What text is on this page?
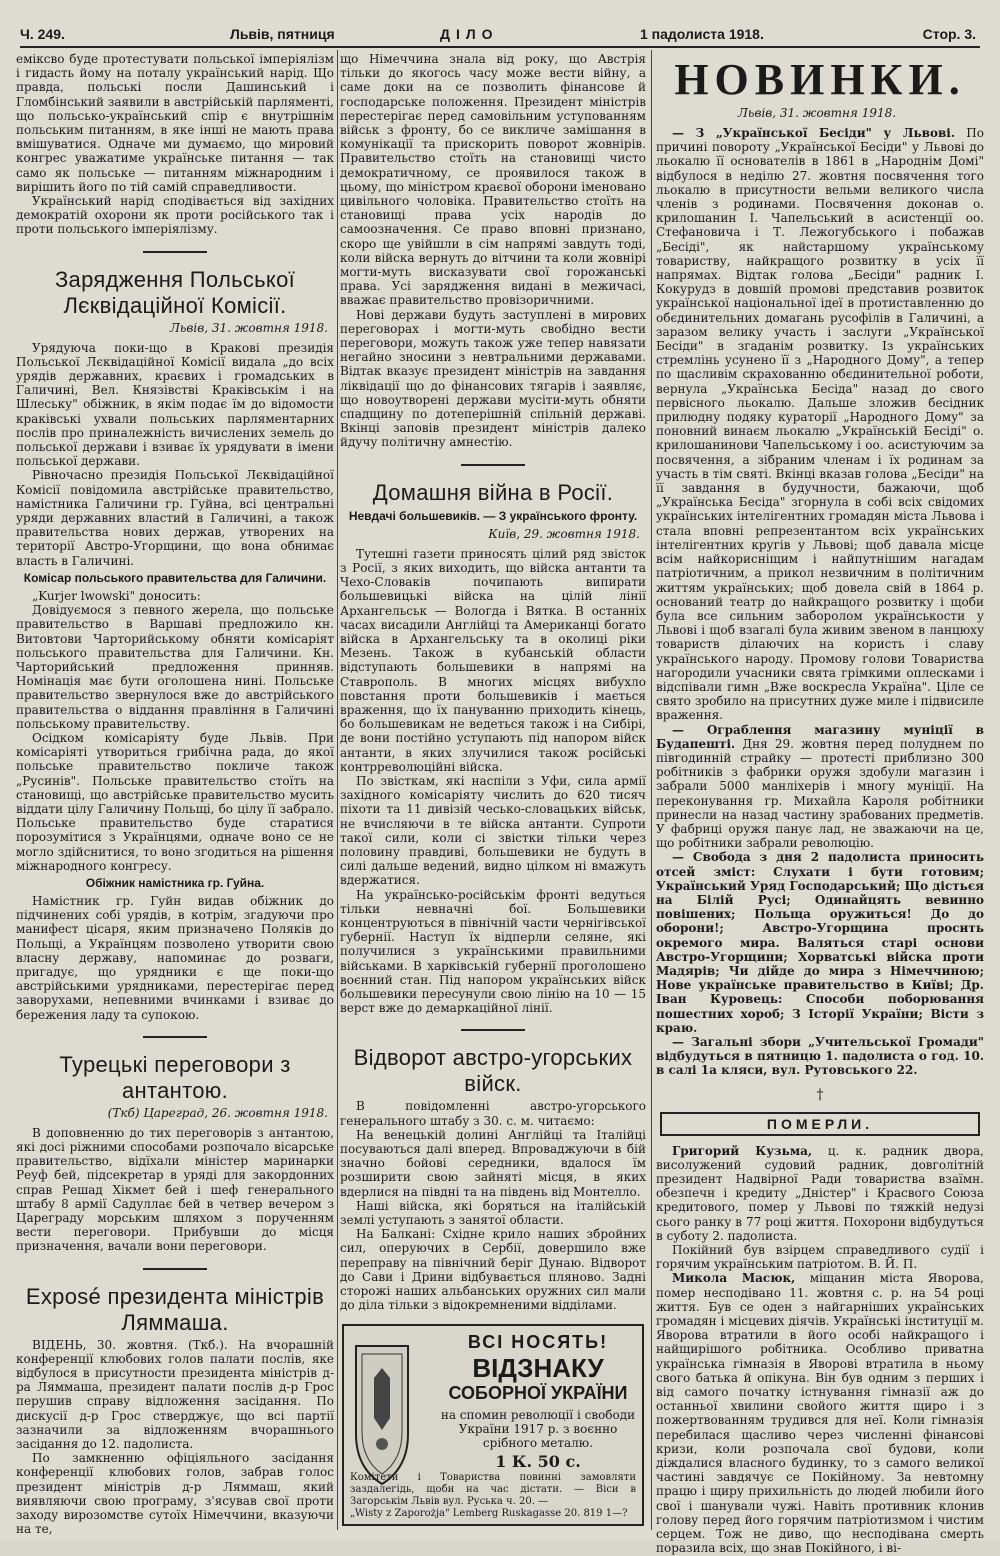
Ч. 249.	Львів, пятниця	ДІЛО	1 падолиста 1918.	Стор. 3.

еміксво буде протестувати польської імперіялізм і гидасть йому на поталу український нарід. Що правда, польські посли Дашинський і Гломбінський заявили в австрійській парляменті, що польсько-український спір є внутрішнім польським питанням, в яке інші не мають права вмішуватися. Одначе ми думаємо, що мировий конгрес уважатиме українське питання — так само як польське — питанням міжнародним і вирішить його по тій самій справедливости.

Український нарід сподівається від західних демократій охорони як проти російського так і проти польського імперіялізму.

Зарядження Польської Лєквідаційної Комісії.
Львів, 31. жовтня 1918.

Урядуюча поки-що в Кракові президія Польської Лєквідаційної Комісії видала „до всіх урядів державних, краєвих і громадських в Галичині, Вел. Князівстві Краківськім і на Шлеську" обіжник, в якім подає їм до відомости краківські ухвали польських парляментарних послів про приналежність вичислених земель до польської держави і взиває їх урядувати в імени польської держави.

Рівночасно президія Польської Лєквідаційної Комісії повідомила австрійське правительство, намістника Галичини гр. Гуйна, всі центральні уряди державних властий в Галичині, а також правительства нових держав, утворених на території Австро-Угорщини, що вона обнимає власть в Галичині.

Комісар польського правительства для Галичини.

„Kurjer lwowski" доносить:

Довідуємося з певного жерела, що польське правительство в Варшаві предложило кн. Витовтови Чарторийському обняти комісаріят польського правительства для Галичини. Кн. Чарторийський предложення принняв. Номінація має бути оголошена нині. Польське правительство звернулося вже до австрійського правительства о віддання правління в Галичині польському правительству.

Осідком комісаріяту буде Львів. При комісаріяті утвориться грибічна рада, до якої польське правительство покличе також „Русинів". Польське правительство стоїть на становищі, що австрійське правительство мусить віддати цілу Галичину Польщі, бо цілу її забрало. Польське правительство буде старатися порозумітися з Українцями, одначе воно се не могло здійснитися, то воно згодиться на рішення міжнародного конгресу.

Обіжник намістника гр. Гуйна.

Намістник гр. Гуйн видав обіжник до підчинених собі урядів, в котрім, згадуючи про манифест цісаря, яким призначено Поляків до Польщі, а Українцям позволено утворити свою власну державу, напоминає до розваги, пригадує, що урядники є ще поки-що австрійськими урядниками, перестерігає перед заворухами, непевними вчинками і взиває до бережения ладу та супокою.

Турецькі переговори з антантою.
(Ткб) Цареград, 26. жовтня 1918.

В доповненню до тих переговорів з антантою, які досі ріжними способами розпочало вісарське правительство, відїхали міністер маринарки Реуф бей, підсекретар в уряді для закордонних справ Решад Хікмет бей і шеф генерального штабу 8 армії Садуллає бей в четвер вечером з Цареграду морським шляхом з порученням вести переговори. Прибувши до місця призначення, вачали вони переговори.

Exposé президента міністрів Ляммаша.

ВІДЕНЬ, 30. жовтня. (Ткб.). На вчорашній конференції клюбових голов палати послів, яке відбулося в присутности президента міністрів д-ра Ляммаша, президент палати послів д-р Грос перушив справу відложення засідання. По дискусії д-р Грос стверджує, що всі партії зазначили за відложенням вчорашнього засідання до 12. падолиста.

По замкненню офіціяльного засідання конференції клюбових голов, забрав голос президент міністрів д-р Ляммаш, який виявляючи свою програму, з'ясував свої проти заходу вирозомстве сутоїх Німеччини, вказуючи на те,

що Німеччина знала від року, що Австрія тільки до якогось часу може вести війну, а саме доки на се позволить фінансове й господарське положення. Президент міністрів перестерігає перед самовільним уступованням військ з фронту, бо се викличе замішання в комунікації та прискорить поворот жовнірів. Правительство стоїть на становищі чисто демократичному, се проявилося також в цьому, що міністром краєвої оборони іменовано цивільного чоловіка. Правительство стоїть на становищі права усіх народів до самоозначення. Се право вповні признано, скоро ще увійшли в сім напрямі завдуть тоді, коли війска вернуть до вітчини та коли жовнірі могти-муть висказувати свої горожанські права. Усі зарядження видані в межичасі, вважає правительство провізоричними.

Нові держави будуть заступлені в мирових переговорах і могти-муть свобідно вести переговори, можуть також уже тепер навязати негайно зносини з невтральними державами. Відтак вказує президент міністрів на завдання ліквідації що до фінансових тягарів і заявляє, що новоутворені держави мусіти-муть обняти спадщину по дотеперішній спільній державі. Вкінці заповів президент міністрів далеко йдучу політичну амнестію.

Домашня війна в Росії.
Невдачі большевиків. — З українського фронту.
Київ, 29. жовтня 1918.

Тутешні газети приносять цілий ряд звісток з Росії, з яких виходить, що війска антанти та Чехо-Словаків почипають випирати большевицькі війска на цілій лінії Архангельськ — Вологда і Вятка. В останніх часах висадили Англійці та Американці богато війска в Архангельську та в околиці ріки Мезень. Також в кубанській области відступають большевики в напрямі на Ставрополь. В многих місцях вибухло повстання проти большевиків і мається враження, що їх пануванню приходить кінець, бо большевикам не ведеться також і на Сибірі, де вони постійно уступають під напором війск антанти, в яких злучилися також російські контрреволюційні війска.

По звісткам, які наспіли з Уфи, сила армії західного комісаріяту числить до 620 тисяч піхоти та 11 дивізій чесько-словацьких військ, не вчисляючи в те війска антанти. Супроти такої сили, коли сі звістки тільки через половину правдиві, большевики не будуть в силі дальше ведений, видно цілком ні вмажуть вдержатися.

На українсько-російськім фронті ведуться тільки невначні бої. Большевики концентруються в північній части чернігівської губернії. Наступ їх відперли селяне, які получилися з українськими правильними військами. В харківській губернії проголошено воєнний стан. Під напором українських війск большевики пересунули свою лінію на 10 — 15 верст вже до демаркаційної лінії.

Відворот австро-угорських війск.

В повідомленні австро-угорського генерального штабу з 30. с. м. читаємо:

На венецькій долині Англійці та Італійці посуваються далі вперед. Впроваджуючи в бій значно бойові середники, вдалося їм розширити свою зайняті місця, в яких вдерлися на півдні та на південь від Монтелло.

Наші війска, які боряться на італійській землі уступають з занятої области.

На Балкані: Східне крило наших збройних сил, оперуючих в Сербії, довершило вже переправу на північний беріг Дунаю. Відворот до Сави і Дрини відбувається пляново. Задні сторожі наших альбанських оружних сил мали до діла тільки з відокремненими відділами.

ВСІ НОСЯТЬ!
ВІДЗНАКУ
СОБОРНОЇ УКРАЇНИ
на спомин революції і свободи України 1917 р. з воєнно срібного металю.
1 К. 50 с.
Комітети і Товариства повинні замовляти заздалегідь, щоби на час дістати. — Віси в Загорськім Львів вул. Руська ч. 20. —
„Wisty z Zaporożja" Lemberg Ruskagasse 20. 819 1—?
НОВИНКИ.
Львів, 31. жовтня 1918.

— З „Української Бесіди" у Львові. По причині повороту „Української Бесіди" у Львові до льокалю її основателів в 1861 в „Народнім Домі" відбулося в неділю 27. жовтня посвячення того льокалю в присутности вельми великого числа членів з родинами. Посвячення доконав о. крилошанин І. Чапельський в асистенції оо. Стефановича і Т. Лежогубського і побажав „Бесіді", як найстаршому українському товариству, найкращого розвитку в усіх її напрямах. Відтак голова „Бесіди" радник І. Кокурудз в довшій промові представив розвиток української національної ідеї в протиставленню до обєдинительних домагань русофілів в Галичині, а заразом велику участь і заслуги „Української Бесіди" в згаданім розвитку. Із українських стремлінь усунено її з „Народного Дому", а тепер по щасливім скрахованню обєдинительної роботи, вернула „Українська Бесіда" назад до свого первісного льокалю. Дальше зложив бесідник прилюдну подяку кураторії „Народного Дому" за поновний винаєм льокалю „Українській Бесіді" о. крилошанинови Чапельському і оо. асистуючим за посвячення, а зібраним членам і їх родинам за участь в тім святі. Вкінці вказав голова „Бесіди" на її завдання в будучности, бажаючи, щоб „Українська Бесіда" згорнула в собі всіх свідомих українських інтелігентних громадян міста Львова і стала вповні репрезентантом всіх українських інтелігентних кругів у Львові; щоб давала місце всім найкорисніщим і найпутнішим нагадам патріотичним, а прикол незвичним в політичним життям українських; щоб довела свій в 1864 р. оснований театр до найкращого розвитку і щоби була все сильним заборолом українськости у Львові і щоб взагалі була живим звеном в ланцюху товариств ділаючих на користь і славу українського народу. Промову голови Товариства нагородили учасники свята грімкими оплесками і відспівали гимн „Вже воскресла Україна". Ціле се свято зробило на присутних дуже миле і підвисиле враження.

— Ограблення магазину муніції в Будапешті. Дня 29. жовтня перед полуднем по півгодинній страйку — протесті приблизно 300 робітників з фабрики оружя здобули магазин і забрали 5000 манліхерів і многу муніції. На переконування гр. Михайла Кароля робітники принесли на назад частину зрабованих предметів. У фабриці оружя панує лад, не зважаючи на це, що робітники забрали революцію.

— Свобода з дня 2 падолиста приносить отсей зміст: Слухати і бути готовим; Український Уряд Господарський; Що дістьєя на Білій Русі; Одинайцять вевинно повішених; Польща оружиться! До до оборони!; Австро-Угорщина просить окремого мира. Валяться старі основи Австро-Угорщини; Хорватські війска проти Мадярів; Чи дійде до мира з Німеччиною; Нове українське правительство в Київі; Др. Іван Куровець: Способи поборювання пошестних хороб; З Історії України; Вісти з краю.

— Загальні збори „Учительської Громади" відбудуться в пятницю 1. падолиста о год. 10. в салі 1а кляси, вул. Рутовського 22.

†
ПОМЕРЛИ.

Григорий Кузьма, ц. к. радник двора, висолужений судовий радник, довголітній президент Надвірної Ради товариства взаїмн. обезпечн і кредиту „Дністер" і Красвого Союза кредитового, помер у Львові по тяжкій недузі сього ранку в 77 році життя. Похорони відбудуться в суботу 2. падолиста.

Покійний був взірцем справедливого судії і горячим українським патріотом. В. Й. П.

Микола Масюк, міщанин міста Яворова, помер несподівано 11. жовтня с. р. на 54 році життя. Був се оден з найгарніших українських громадян і місцевих діячів. Українські інституції м. Яворова втратили в його особі найкращого і найщирішого робітника. Особливо приватна українська гімназія в Яворові втратила в ньому свого батька й опікуна. Він був одним з перших і від самого початку істнування гімназії аж до останньої хвилини свойого життя щиро і з пожертвованням трудився для неї. Коли гімназія перебилася щасливо через численні фінансові кризи, коли розпочала свої будови, коли діждалися власного будинку, то з самого великої частині завдячує се Покійному. За невтомну працю і щиру прихильність до людей любили його свої і шанували чужі. Навіть противник клонив голову перед його горячим патріотизмом і чистим серцем. Тож не диво, що несподівана смерть поразила всіх, що знав Покійного, і ві-
